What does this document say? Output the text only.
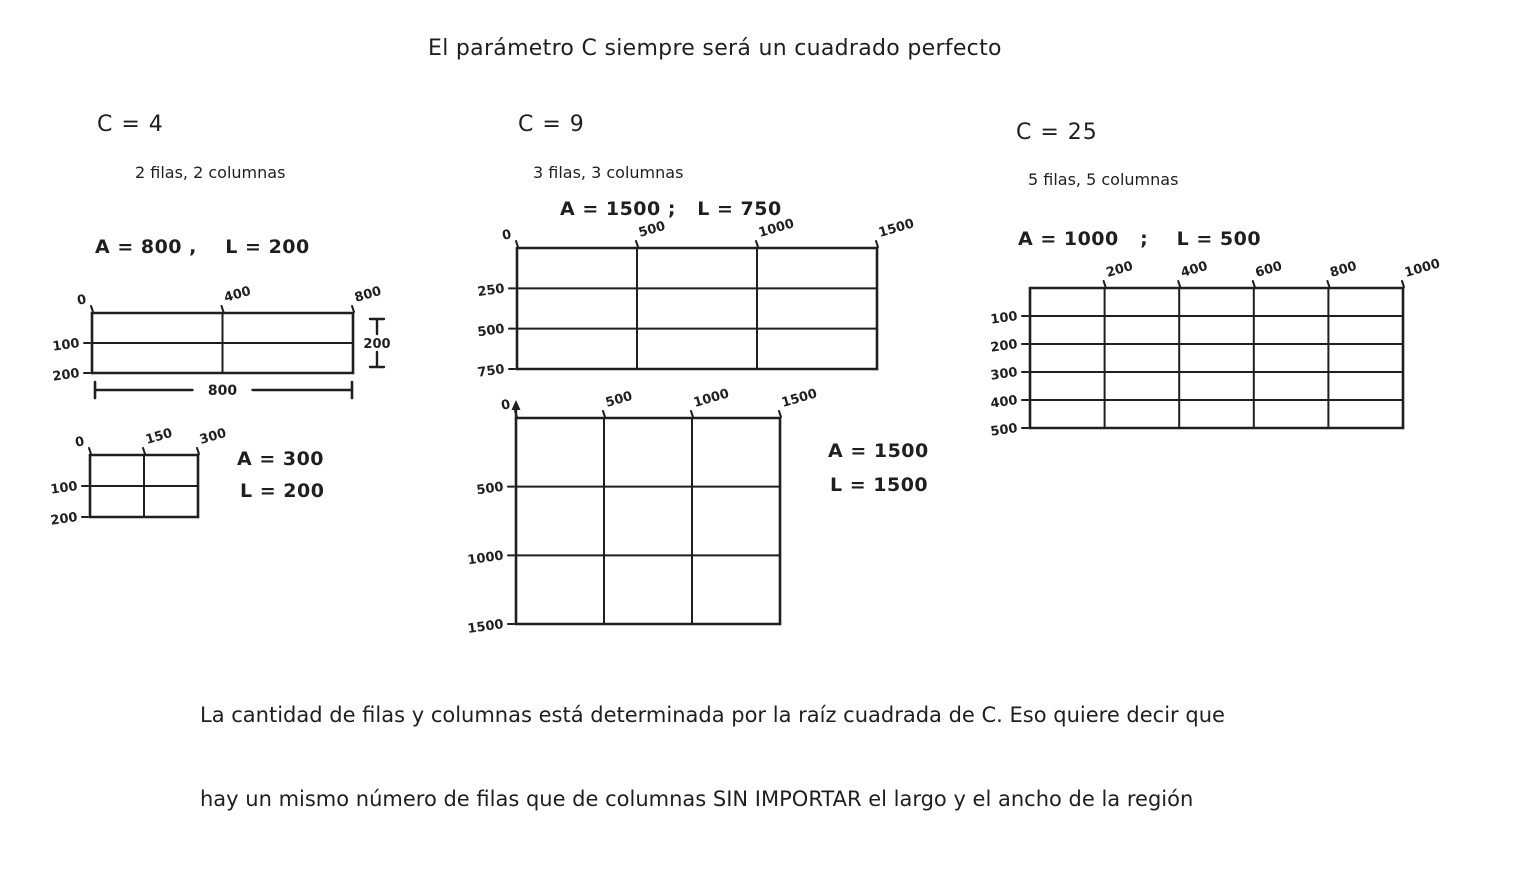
El parámetro C siempre será un cuadrado perfecto
C = 4
2 filas, 2 columnas
A = 800 ,    L = 200
0	400	800
100
200
200
800
0	150 300
100
200
A = 300
L = 200
C = 9
3 filas, 3 columnas
A = 1500 ;   L = 750
0	500	1000	1500
250
500
750
0	500	1000	1500
500
1000
1500
A = 1500
L = 1500
C = 25
5 filas, 5 columnas
A = 1000   ;    L = 500
200	400	600	800	1000
100
200
300
400
500

La cantidad de filas y columnas está determinada por la raíz cuadrada de C. Eso quiere decir que

hay un mismo número de filas que de columnas SIN IMPORTAR el largo y el ancho de la región
